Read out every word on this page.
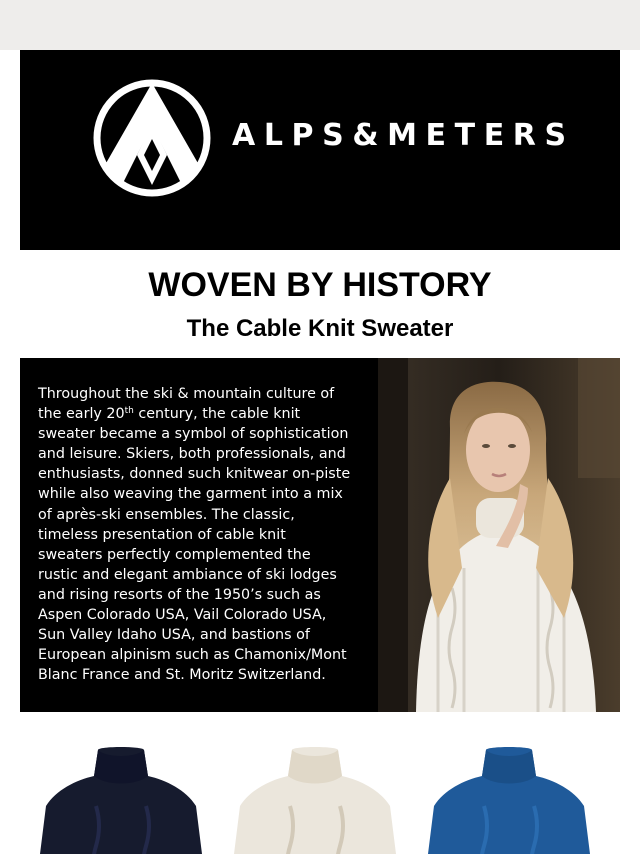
ALPS&METERS
WOVEN BY HISTORY
The Cable Knit Sweater
Throughout the ski & mountain culture of
the early 20th century, the cable knit
sweater became a symbol of sophistication
and leisure. Skiers, both professionals, and
enthusiasts, donned such knitwear on-piste
while also weaving the garment into a mix
of après-ski ensembles. The classic,
timeless presentation of cable knit
sweaters perfectly complemented the
rustic and elegant ambiance of ski lodges
and rising resorts of the 1950’s such as
Aspen Colorado USA, Vail Colorado USA,
Sun Valley Idaho USA, and bastions of
European alpinism such as Chamonix/Mont
Blanc France and St. Moritz Switzerland.
